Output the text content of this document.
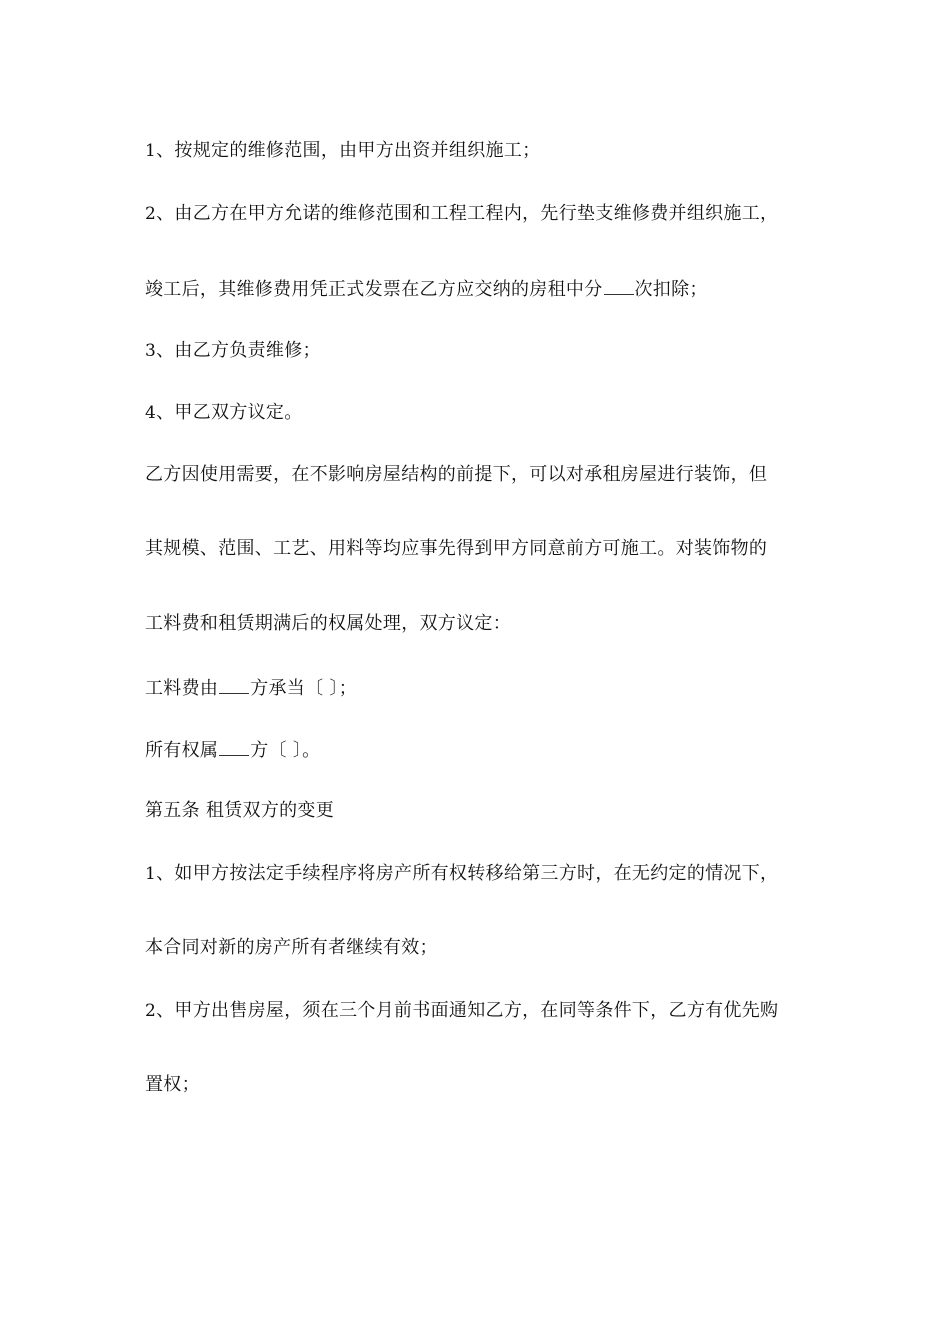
1、按规定的维修范围，由甲方出资并组织施工；
2、由乙方在甲方允诺的维修范围和工程工程内，先行垫支维修费并组织施工，
竣工后，其维修费用凭正式发票在乙方应交纳的房租中分 次扣除；
3、由乙方负责维修；
4、甲乙双方议定。
乙方因使用需要，在不影响房屋结构的前提下，可以对承租房屋进行装饰，但
其规模、范围、工艺、用料等均应事先得到甲方同意前方可施工。对装饰物的
工料费和租赁期满后的权属处理，双方议定：
工料费由 方承当〔 〕；
所有权属 方〔 〕。
第五条 租赁双方的变更
1、如甲方按法定手续程序将房产所有权转移给第三方时，在无约定的情况下，
本合同对新的房产所有者继续有效；
2、甲方出售房屋，须在三个月前书面通知乙方，在同等条件下，乙方有优先购
置权；
